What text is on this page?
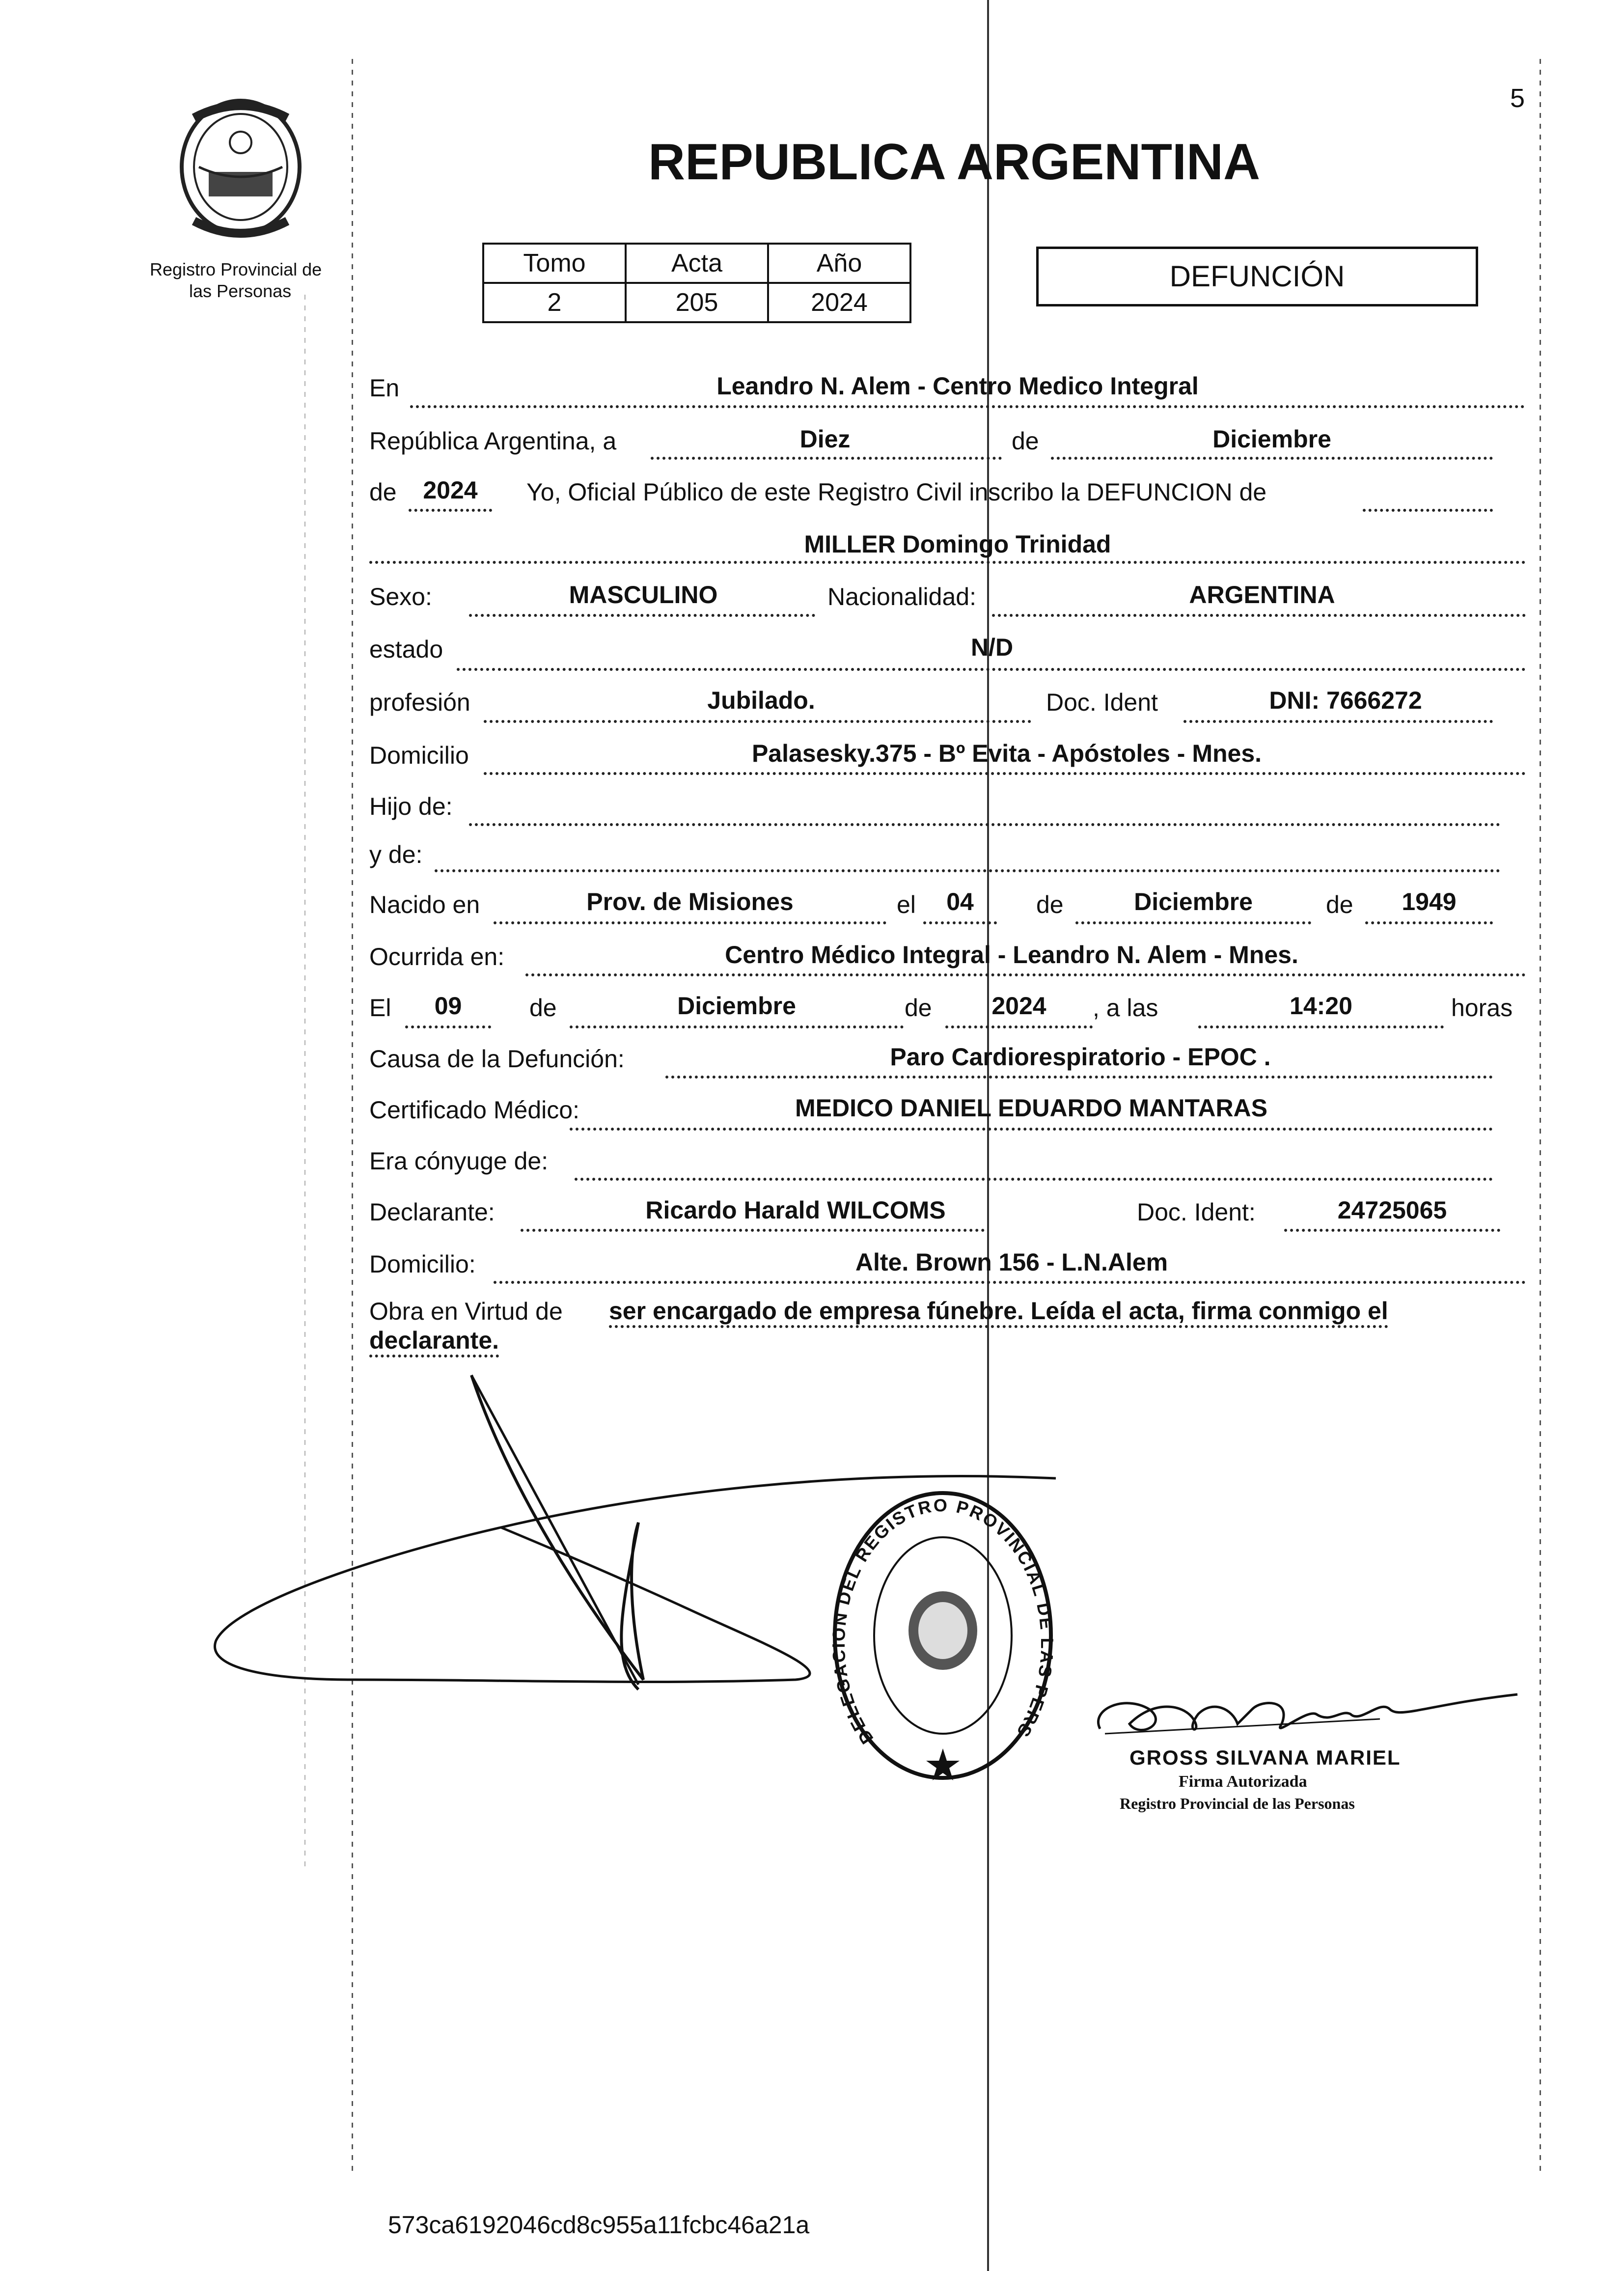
5
Registro Provincial de
las Personas
REPUBLICA ARGENTINA
Tomo	Acta	Año
2	205	2024
DEFUNCIÓN
En	Leandro N. Alem - Centro Medico Integral
República Argentina, a	Diez	de	Diciembre
de	2024	Yo, Oficial Público de este Registro Civil inscribo la DEFUNCION de
MILLER Domingo Trinidad
Sexo:	MASCULINO	Nacionalidad:	ARGENTINA
estado	N/D
profesión	Jubilado.	Doc. Ident	DNI: 7666272
Domicilio	Palasesky.375 - Bº Evita - Apóstoles - Mnes.
Hijo de:
y de:
Nacido en	Prov. de Misiones	el	04	de	Diciembre	de	1949
Ocurrida en:	Centro Médico Integral - Leandro N. Alem - Mnes.
El	09	de	Diciembre	de	2024	, a las	14:20	horas
Causa de la Defunción:	Paro Cardiorespiratorio - EPOC .
Certificado Médico:	MEDICO DANIEL EDUARDO MANTARAS
Era cónyuge de:
Declarante:	Ricardo Harald WILCOMS	Doc. Ident:	24725065
Domicilio:	Alte. Brown 156 - L.N.Alem
Obra en Virtud de ser encargado de empresa fúnebre. Leída el acta, firma conmigo el
declarante.
DELEGACION DEL REGISTRO PROVINCIAL DE LAS PERS
GROSS SILVANA MARIEL
Firma Autorizada
Registro Provincial de las Personas
573ca6192046cd8c955a11fcbc46a21a
